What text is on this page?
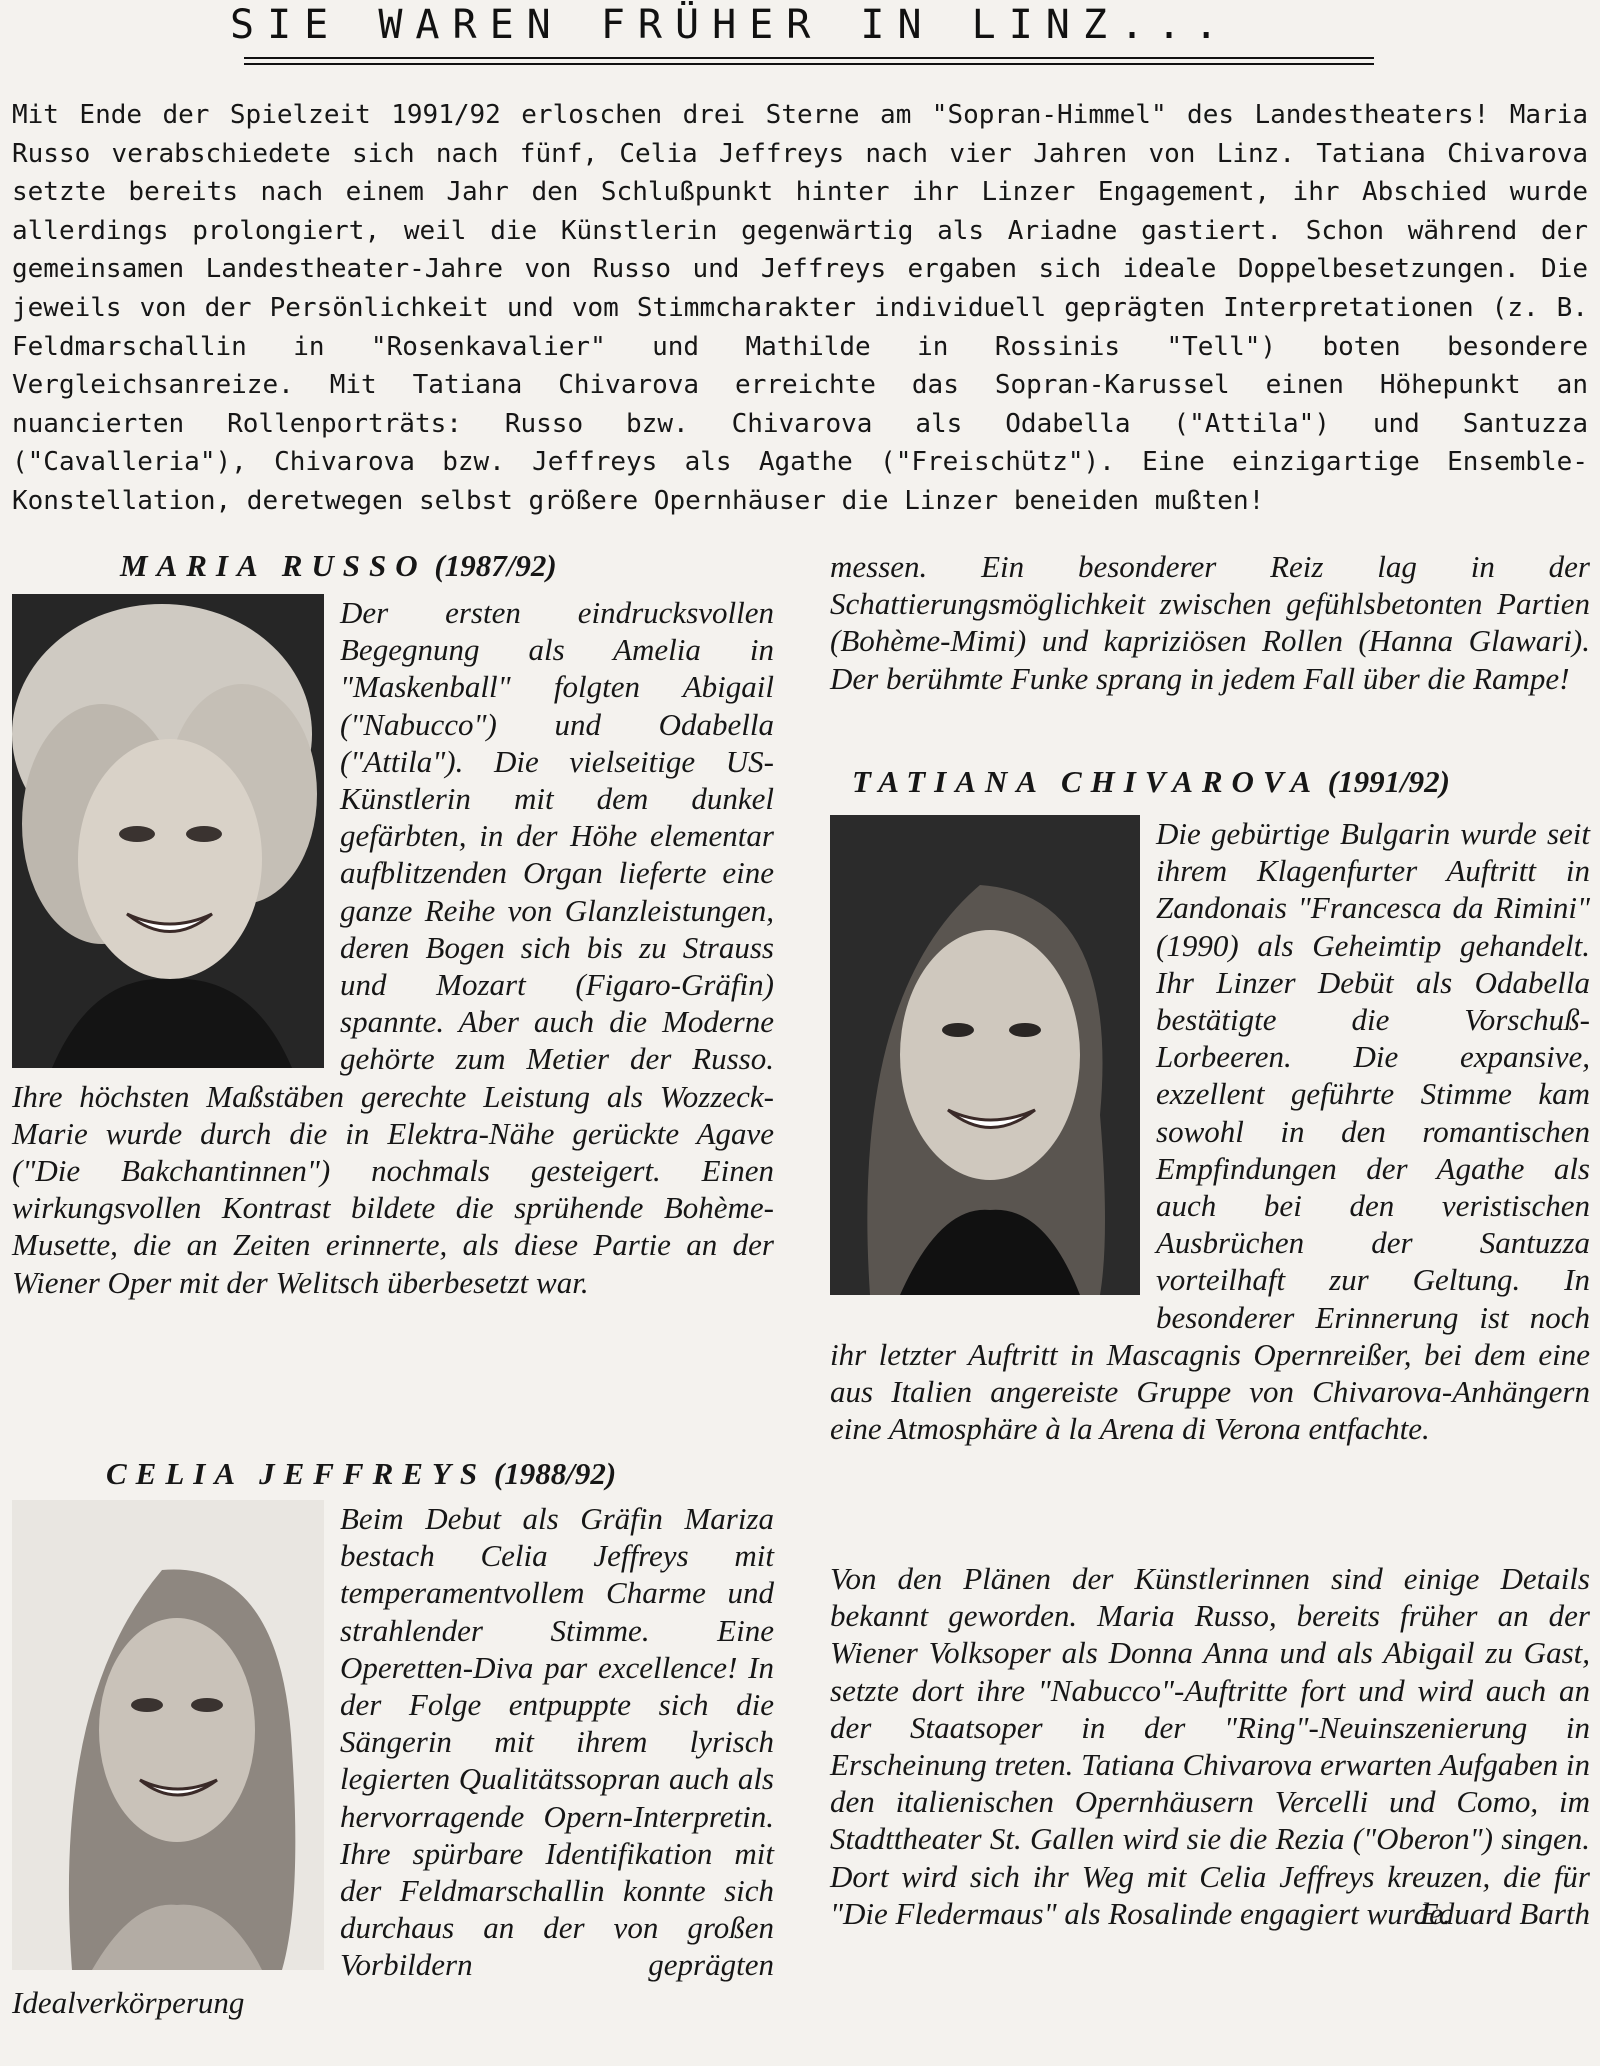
SIE WAREN FRÜHER IN LINZ...

Mit Ende der Spielzeit 1991/92 erloschen drei Sterne am "Sopran-Himmel" des Landestheaters! Maria Russo verabschiedete sich nach fünf, Celia Jeffreys nach vier Jahren von Linz. Tatiana Chivarova setzte bereits nach einem Jahr den Schlußpunkt hinter ihr Linzer Engagement, ihr Abschied wurde allerdings prolongiert, weil die Künstlerin gegenwärtig als Ariadne gastiert. Schon während der gemeinsamen Landestheater-Jahre von Russo und Jeffreys ergaben sich ideale Doppelbesetzungen. Die jeweils von der Persönlichkeit und vom Stimmcharakter individuell geprägten Interpretationen (z. B. Feldmarschallin in "Rosenkavalier" und Mathilde in Rossinis "Tell") boten besondere Vergleichsanreize. Mit Tatiana Chivarova erreichte das Sopran-Karussel einen Höhepunkt an nuancierten Rollenporträts: Russo bzw. Chivarova als Odabella ("Attila") und Santuzza ("Cavalleria"), Chivarova bzw. Jeffreys als Agathe ("Freischütz"). Eine einzigartige Ensemble-Konstellation, deretwegen selbst größere Opernhäuser die Linzer beneiden mußten!

MARIA RUSSO (1987/92)
Der ersten eindrucksvollen Begegnung als Amelia in "Maskenball" folgten Abigail ("Nabucco") und Odabella ("Attila"). Die vielseitige US-Künstlerin mit dem dunkel gefärbten, in der Höhe elementar aufblitzenden Organ lieferte eine ganze Reihe von Glanzleistungen, deren Bogen sich bis zu Strauss und Mozart (Figaro-Gräfin) spannte. Aber auch die Moderne gehörte zum Metier der Russo. Ihre höchsten Maßstäben gerechte Leistung als Wozzeck-Marie wurde durch die in Elektra-Nähe gerückte Agave ("Die Bakchantinnen") nochmals gesteigert. Einen wirkungsvollen Kontrast bildete die sprühende Bohème-Musette, die an Zeiten erinnerte, als diese Partie an der Wiener Oper mit der Welitsch überbesetzt war.
CELIA JEFFREYS (1988/92)
Beim Debut als Gräfin Mariza bestach Celia Jeffreys mit temperamentvollem Charme und strahlender Stimme. Eine Operetten-Diva par excellence! In der Folge entpuppte sich die Sängerin mit ihrem lyrisch legierten Qualitätssopran auch als hervorragende Opern-Interpretin. Ihre spürbare Identifikation mit der Feldmarschallin konnte sich durchaus an der von großen Vorbildern geprägten Idealverkörperung
messen. Ein besonderer Reiz lag in der Schattierungsmöglichkeit zwischen gefühlsbetonten Partien (Bohème-Mimi) und kapriziösen Rollen (Hanna Glawari). Der berühmte Funke sprang in jedem Fall über die Rampe!
TATIANA CHIVAROVA (1991/92)
Die gebürtige Bulgarin wurde seit ihrem Klagenfurter Auftritt in Zandonais "Francesca da Rimini" (1990) als Geheimtip gehandelt. Ihr Linzer Debüt als Odabella bestätigte die Vorschuß-Lorbeeren. Die expansive, exzellent geführte Stimme kam sowohl in den romantischen Empfindungen der Agathe als auch bei den veristischen Ausbrüchen der Santuzza vorteilhaft zur Geltung. In besonderer Erinnerung ist noch ihr letzter Auftritt in Mascagnis Opernreißer, bei dem eine aus Italien angereiste Gruppe von Chivarova-Anhängern eine Atmosphäre à la Arena di Verona entfachte.
Von den Plänen der Künstlerinnen sind einige Details bekannt geworden. Maria Russo, bereits früher an der Wiener Volksoper als Donna Anna und als Abigail zu Gast, setzte dort ihre "Nabucco"-Auftritte fort und wird auch an der Staatsoper in der "Ring"-Neuinszenierung in Erscheinung treten. Tatiana Chivarova erwarten Aufgaben in den italienischen Opernhäusern Vercelli und Como, im Stadttheater St. Gallen wird sie die Rezia ("Oberon") singen. Dort wird sich ihr Weg mit Celia Jeffreys kreuzen, die für "Die Fledermaus" als Rosalinde engagiert wurde.
Eduard Barth
